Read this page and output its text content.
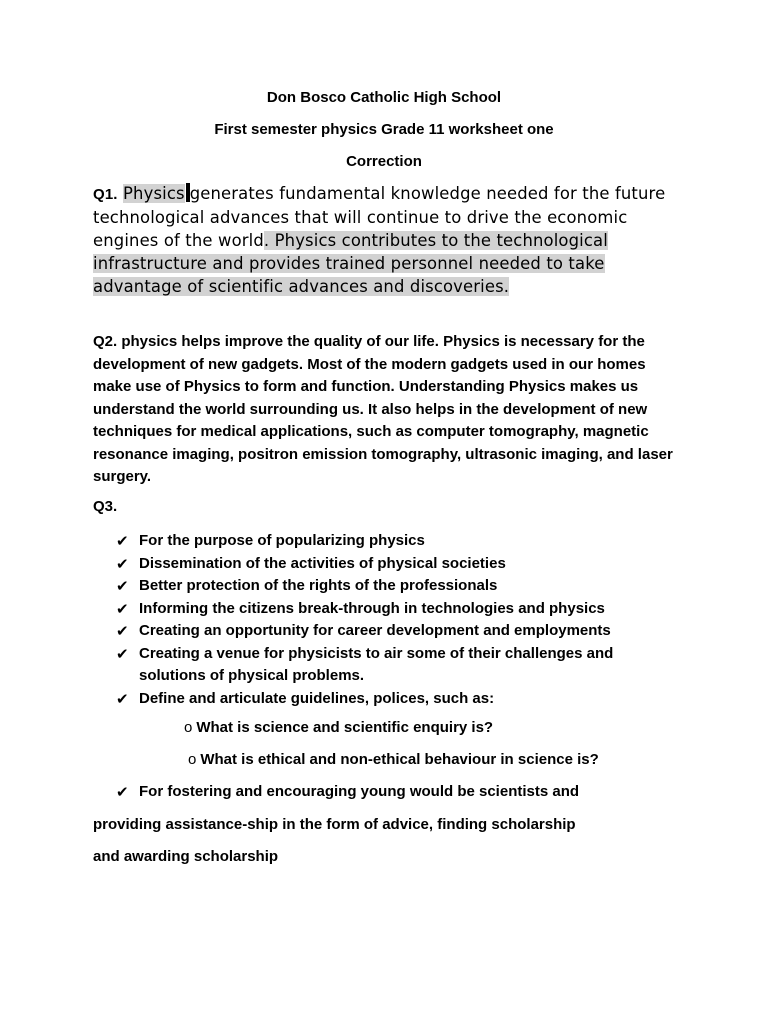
Don Bosco Catholic High School
First semester physics Grade 11 worksheet one
Correction
Q1. Physics generates fundamental knowledge needed for the future technological advances that will continue to drive the economic engines of the world. Physics contributes to the technological infrastructure and provides trained personnel needed to take advantage of scientific advances and discoveries.
Q2. physics helps improve the quality of our life. Physics is necessary for the development of new gadgets. Most of the modern gadgets used in our homes make use of Physics to form and function. Understanding Physics makes us understand the world surrounding us. It also helps in the development of new techniques for medical applications, such as computer tomography, magnetic resonance imaging, positron emission tomography, ultrasonic imaging, and laser surgery.
Q3.
✔ For the purpose of popularizing physics
✔ Dissemination of the activities of physical societies
✔ Better protection of the rights of the professionals
✔ Informing the citizens break-through in technologies and physics
✔ Creating an opportunity for career development and employments
✔ Creating a venue for physicists to air some of their challenges and solutions of physical problems.
✔ Define and articulate guidelines, polices, such as:
o What is science and scientific enquiry is?
o What is ethical and non-ethical behaviour in science is?
✔ For fostering and encouraging young would be scientists and
providing assistance-ship in the form of advice, finding scholarship
and awarding scholarship
